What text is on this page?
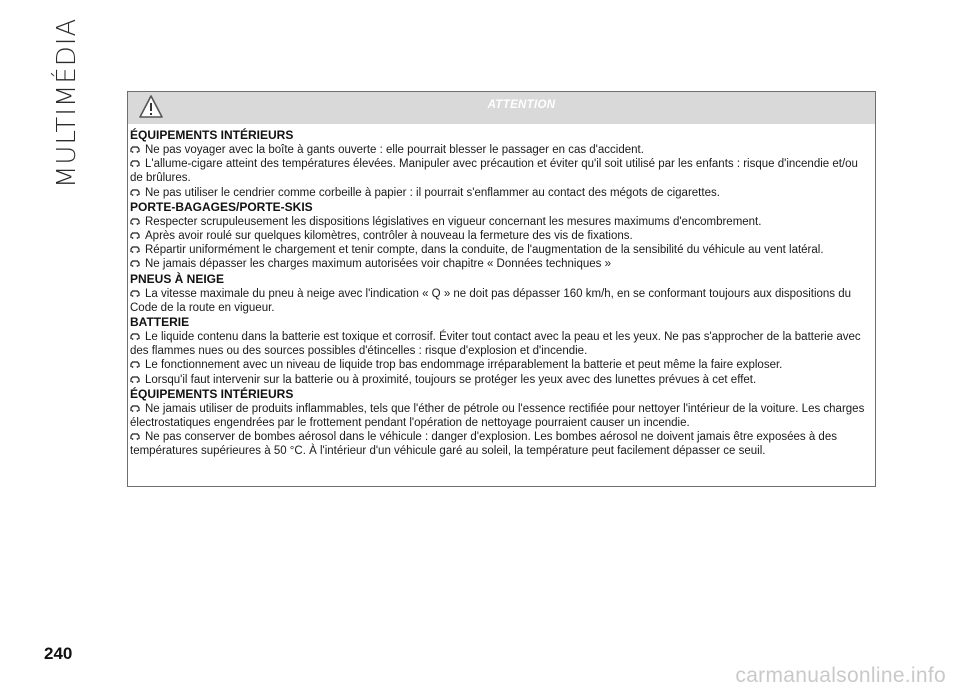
MULTIMÉDIA	ATTENTION
ÉQUIPEMENTS INTÉRIEURS
Ne pas voyager avec la boîte à gants ouverte : elle pourrait blesser le passager en cas d'accident.
L'allume-cigare atteint des températures élevées. Manipuler avec précaution et éviter qu'il soit utilisé par les enfants : risque d'incendie et/ou de brûlures.
Ne pas utiliser le cendrier comme corbeille à papier : il pourrait s'enflammer au contact des mégots de cigarettes.
PORTE-BAGAGES/PORTE-SKIS
Respecter scrupuleusement les dispositions législatives en vigueur concernant les mesures maximums d'encombrement.
Après avoir roulé sur quelques kilomètres, contrôler à nouveau la fermeture des vis de fixations.
Répartir uniformément le chargement et tenir compte, dans la conduite, de l'augmentation de la sensibilité du véhicule au vent latéral.
Ne jamais dépasser les charges maximum autorisées voir chapitre « Données techniques »
PNEUS À NEIGE
La vitesse maximale du pneu à neige avec l'indication « Q » ne doit pas dépasser 160 km/h, en se conformant toujours aux dispositions du Code de la route en vigueur.
BATTERIE
Le liquide contenu dans la batterie est toxique et corrosif. Éviter tout contact avec la peau et les yeux. Ne pas s'approcher de la batterie avec des flammes nues ou des sources possibles d'étincelles : risque d'explosion et d'incendie.
Le fonctionnement avec un niveau de liquide trop bas endommage irréparablement la batterie et peut même la faire exploser.
Lorsqu'il faut intervenir sur la batterie ou à proximité, toujours se protéger les yeux avec des lunettes prévues à cet effet.
ÉQUIPEMENTS INTÉRIEURS
Ne jamais utiliser de produits inflammables, tels que l'éther de pétrole ou l'essence rectifiée pour nettoyer l'intérieur de la voiture. Les charges électrostatiques engendrées par le frottement pendant l'opération de nettoyage pourraient causer un incendie.
Ne pas conserver de bombes aérosol dans le véhicule : danger d'explosion. Les bombes aérosol ne doivent jamais être exposées à des températures supérieures à 50 °C. À l'intérieur d'un véhicule garé au soleil, la température peut facilement dépasser ce seuil.
240
carmanualsonline.info
